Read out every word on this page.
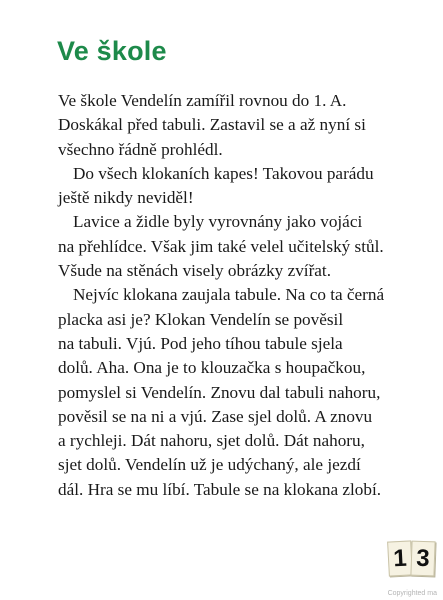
Ve škole
Ve škole Vendelín zamířil rovnou do 1. A.
Doskákal před tabuli. Zastavil se a až nyní si
všechno řádně prohlédl.
Do všech klokaních kapes! Takovou parádu
ještě nikdy neviděl!
Lavice a židle byly vyrovnány jako vojáci
na přehlídce. Však jim také velel učitelský stůl.
Všude na stěnách visely obrázky zvířat.
Nejvíc klokana zaujala tabule. Na co ta černá
placka asi je? Klokan Vendelín se pověsil
na tabuli. Vjú. Pod jeho tíhou tabule sjela
dolů. Aha. Ona je to klouzačka s houpačkou,
pomyslel si Vendelín. Znovu dal tabuli nahoru,
pověsil se na ni a vjú. Zase sjel dolů. A znovu
a rychleji. Dát nahoru, sjet dolů. Dát nahoru,
sjet dolů. Vendelín už je udýchaný, ale jezdí
dál. Hra se mu líbí. Tabule se na klokana zlobí.
1 3
Copyrighted ma
